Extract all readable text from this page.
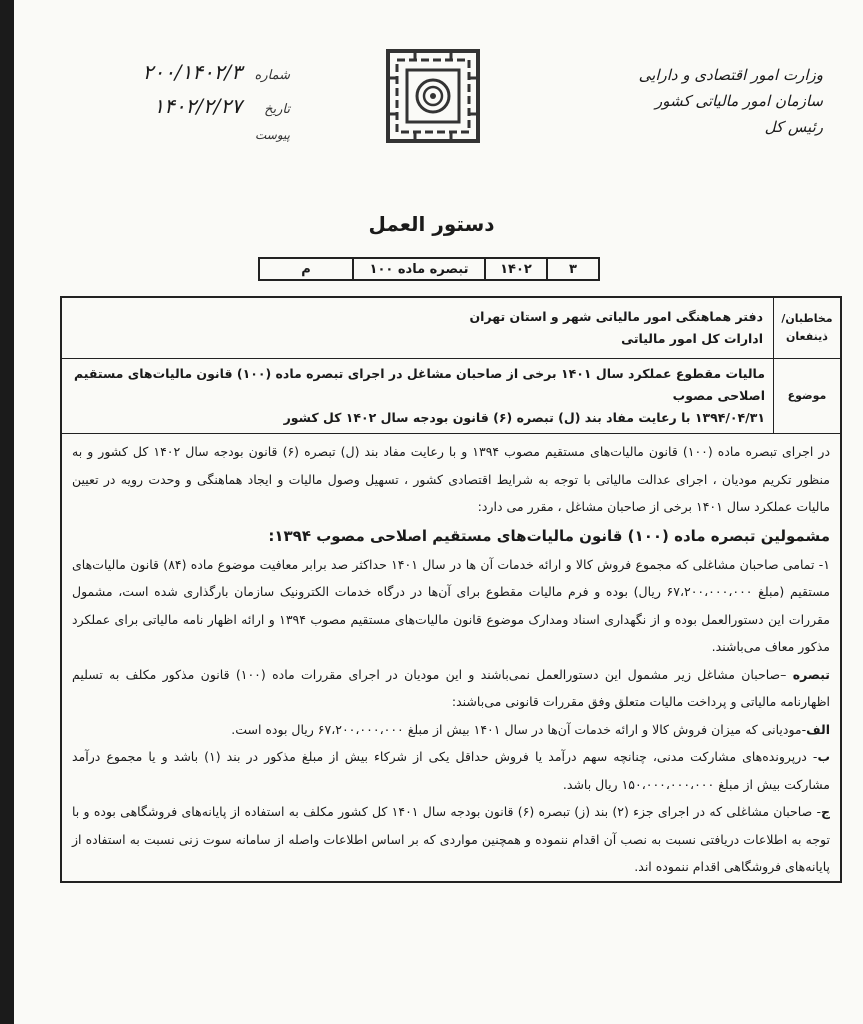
وزارت امور اقتصادی و دارایی
سازمان امور مالیاتی کشور
رئیس کل
شماره
۲۰۰/۱۴۰۲/۳
تاریخ
۱۴۰۲/۲/۲۷
پیوست
دستور العمل
۳
۱۴۰۲
تبصره ماده ۱۰۰
م
مخاطبان/ ذینفعان
دفتر هماهنگی امور مالیاتی شهر و استان تهران
ادارات کل امور مالیاتی
موضوع
مالیات مقطوع عملکرد سال ۱۴۰۱ برخی از صاحبان مشاغل در اجرای تبصره ماده (۱۰۰) قانون مالیات‌های مستقیم اصلاحی مصوب
۱۳۹۴/۰۴/۳۱ با رعایت مفاد بند (ل) تبصره (۶) قانون بودجه سال ۱۴۰۲ کل کشور

در اجرای تبصره ماده (۱۰۰) قانون مالیات‌های مستقیم مصوب ۱۳۹۴ و با رعایت مفاد بند (ل) تبصره (۶) قانون بودجه سال ۱۴۰۲ کل کشور و به منظور تکریم مودیان ، اجرای عدالت مالیاتی با توجه به شرایط اقتصادی کشور ، تسهیل وصول مالیات و ایجاد هماهنگی و وحدت رویه در تعیین مالیات عملکرد سال ۱۴۰۱ برخی از صاحبان مشاغل ، مقرر می دارد:

مشمولین تبصره ماده (۱۰۰) قانون مالیات‌های مستقیم اصلاحی مصوب ۱۳۹۴:

۱- تمامی صاحبان مشاغلی که مجموع فروش کالا و ارائه خدمات آن ها در سال ۱۴۰۱ حداکثر صد برابر معافیت موضوع ماده (۸۴) قانون مالیات‌های مستقیم (مبلغ ۶۷،۲۰۰،۰۰۰،۰۰۰ ریال) بوده و فرم مالیات مقطوع برای آن‌ها در درگاه خدمات الکترونیک سازمان بارگذاری شده است، مشمول مقررات این دستورالعمل بوده و از نگهداری اسناد ومدارک موضوع قانون مالیات‌های مستقیم مصوب ۱۳۹۴ و ارائه اظهار نامه مالیاتی برای عملکرد مذکور معاف می‌باشند.

تبصره –صاحبان مشاغل زیر مشمول این دستورالعمل نمی‌باشند و این مودیان در اجرای مقررات ماده (۱۰۰) قانون مذکور مکلف به تسلیم اظهارنامه مالیاتی و پرداخت مالیات متعلق وفق مقررات قانونی می‌باشند:

الف-مودیانی که میزان فروش کالا و ارائه خدمات آن‌ها در سال ۱۴۰۱ بیش از مبلغ ۶۷،۲۰۰،۰۰۰،۰۰۰ ریال بوده است.

ب- درپرونده‌های مشارکت مدنی، چنانچه سهم درآمد یا فروش حداقل یکی از شرکاء بیش از مبلغ مذکور در بند (۱) باشد و یا مجموع درآمد مشارکت بیش از مبلغ ۱۵۰،۰۰۰،۰۰۰،۰۰۰ ریال باشد.

ج- صاحبان مشاغلی که در اجرای جزء (۲) بند (ز) تبصره (۶) قانون بودجه سال ۱۴۰۱ کل کشور مکلف به استفاده از پایانه‌های فروشگاهی بوده و با توجه به اطلاعات دریافتی نسبت به نصب آن اقدام ننموده و همچنین مواردی که بر اساس اطلاعات واصله از سامانه سوت زنی نسبت به استفاده از پایانه‌های فروشگاهی اقدام ننموده اند.
